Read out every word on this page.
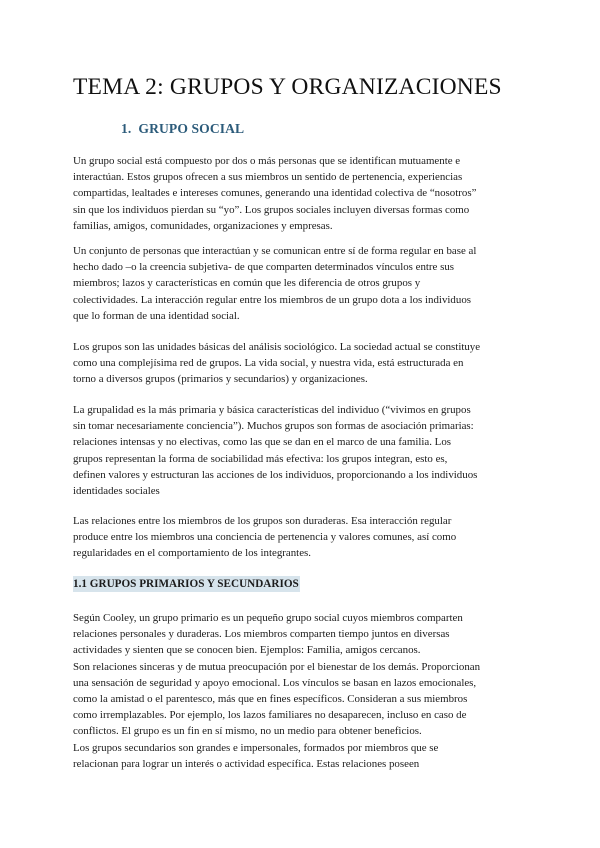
TEMA 2: GRUPOS Y ORGANIZACIONES
1. GRUPO SOCIAL

Un grupo social está compuesto por dos o más personas que se identifican mutuamente e
interactúan. Estos grupos ofrecen a sus miembros un sentido de pertenencia, experiencias
compartidas, lealtades e intereses comunes, generando una identidad colectiva de “nosotros”
sin que los individuos pierdan su “yo”. Los grupos sociales incluyen diversas formas como
familias, amigos, comunidades, organizaciones y empresas.

Un conjunto de personas que interactúan y se comunican entre sí de forma regular en base al
hecho dado –o la creencia subjetiva- de que comparten determinados vínculos entre sus
miembros; lazos y características en común que les diferencia de otros grupos y
colectividades. La interacción regular entre los miembros de un grupo dota a los individuos
que lo forman de una identidad social.

Los grupos son las unidades básicas del análisis sociológico. La sociedad actual se constituye
como una complejísima red de grupos. La vida social, y nuestra vida, está estructurada en
torno a diversos grupos (primarios y secundarios) y organizaciones.

La grupalidad es la más primaria y básica características del individuo (“vivimos en grupos
sin tomar necesariamente conciencia”). Muchos grupos son formas de asociación primarias:
relaciones intensas y no electivas, como las que se dan en el marco de una familia. Los
grupos representan la forma de sociabilidad más efectiva: los grupos integran, esto es,
definen valores y estructuran las acciones de los individuos, proporcionando a los individuos
identidades sociales

Las relaciones entre los miembros de los grupos son duraderas. Esa interacción regular
produce entre los miembros una conciencia de pertenencia y valores comunes, así como
regularidades en el comportamiento de los integrantes.

1.1 GRUPOS PRIMARIOS Y SECUNDARIOS

Según Cooley, un grupo primario es un pequeño grupo social cuyos miembros comparten
relaciones personales y duraderas. Los miembros comparten tiempo juntos en diversas
actividades y sienten que se conocen bien. Ejemplos: Familia, amigos cercanos.
Son relaciones sinceras y de mutua preocupación por el bienestar de los demás. Proporcionan
una sensación de seguridad y apoyo emocional. Los vínculos se basan en lazos emocionales,
como la amistad o el parentesco, más que en fines específicos. Consideran a sus miembros
como irremplazables. Por ejemplo, los lazos familiares no desaparecen, incluso en caso de
conflictos. El grupo es un fin en sí mismo, no un medio para obtener beneficios.
Los grupos secundarios son grandes e impersonales, formados por miembros que se
relacionan para lograr un interés o actividad específica. Estas relaciones poseen
